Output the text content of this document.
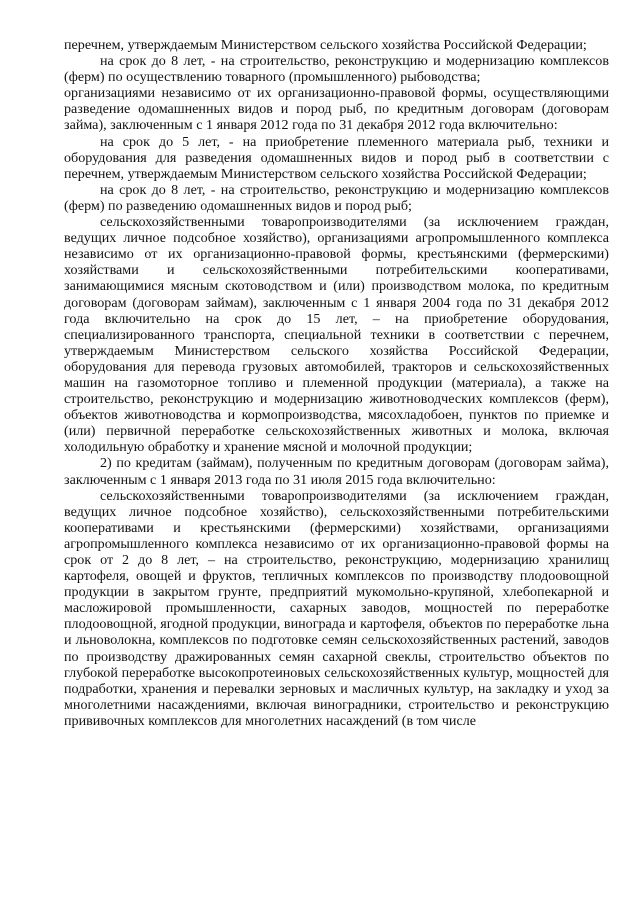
перечнем, утверждаемым Министерством сельского хозяйства Российской Федерации;

на срок до 8 лет, - на строительство, реконструкцию и модернизацию комплексов (ферм) по осуществлению товарного (промышленного) рыбоводства;

организациями независимо от их организационно-правовой формы, осуществляющими разведение одомашненных видов и пород рыб, по кредитным договорам (договорам займа), заключенным с 1 января 2012 года по 31 декабря 2012 года включительно:

на срок до 5 лет, - на приобретение племенного материала рыб, техники и оборудования для разведения одомашненных видов и пород рыб в соответствии с перечнем, утверждаемым Министерством сельского хозяйства Российской Федерации;

на срок до 8 лет, - на строительство, реконструкцию и модернизацию комплексов (ферм) по разведению одомашненных видов и пород рыб;

сельскохозяйственными товаропроизводителями (за исключением граждан, ведущих личное подсобное хозяйство), организациями агропромышленного комплекса независимо от их организационно-правовой формы, крестьянскими (фермерскими) хозяйствами и сельскохозяйственными потребительскими кооперативами, занимающимися мясным скотоводством и (или) производством молока, по кредитным договорам (договорам займам), заключенным с 1 января 2004 года по 31 декабря 2012 года включительно на срок до 15 лет, – на приобретение оборудования, специализированного транспорта, специальной техники в соответствии с перечнем, утверждаемым Министерством сельского хозяйства Российской Федерации, оборудования для перевода грузовых автомобилей, тракторов и сельскохозяйственных машин на газомоторное топливо и племенной продукции (материала), а также на строительство, реконструкцию и модернизацию животноводческих комплексов (ферм), объектов животноводства и кормопроизводства, мясохладобоен, пунктов по приемке и (или) первичной переработке сельскохозяйственных животных и молока, включая холодильную обработку и хранение мясной и молочной продукции;

2) по кредитам (займам), полученным по кредитным договорам (договорам займа), заключенным с 1 января 2013 года по 31 июля 2015 года включительно:

сельскохозяйственными товаропроизводителями (за исключением граждан, ведущих личное подсобное хозяйство), сельскохозяйственными потребительскими кооперативами и крестьянскими (фермерскими) хозяйствами, организациями агропромышленного комплекса независимо от их организационно-правовой формы на срок от 2 до 8 лет, – на строительство, реконструкцию, модернизацию хранилищ картофеля, овощей и фруктов, тепличных комплексов по производству плодоовощной продукции в закрытом грунте, предприятий мукомольно-крупяной, хлебопекарной и масложировой промышленности, сахарных заводов, мощностей по переработке плодоовощной, ягодной продукции, винограда и картофеля, объектов по переработке льна и льноволокна, комплексов по подготовке семян сельскохозяйственных растений, заводов по производству дражированных семян сахарной свеклы, строительство объектов по глубокой переработке высокопротеиновых сельскохозяйственных культур, мощностей для подработки, хранения и перевалки зерновых и масличных культур, на закладку и уход за многолетними насаждениями, включая виноградники, строительство и реконструкцию прививочных комплексов для многолетних насаждений (в том числе
